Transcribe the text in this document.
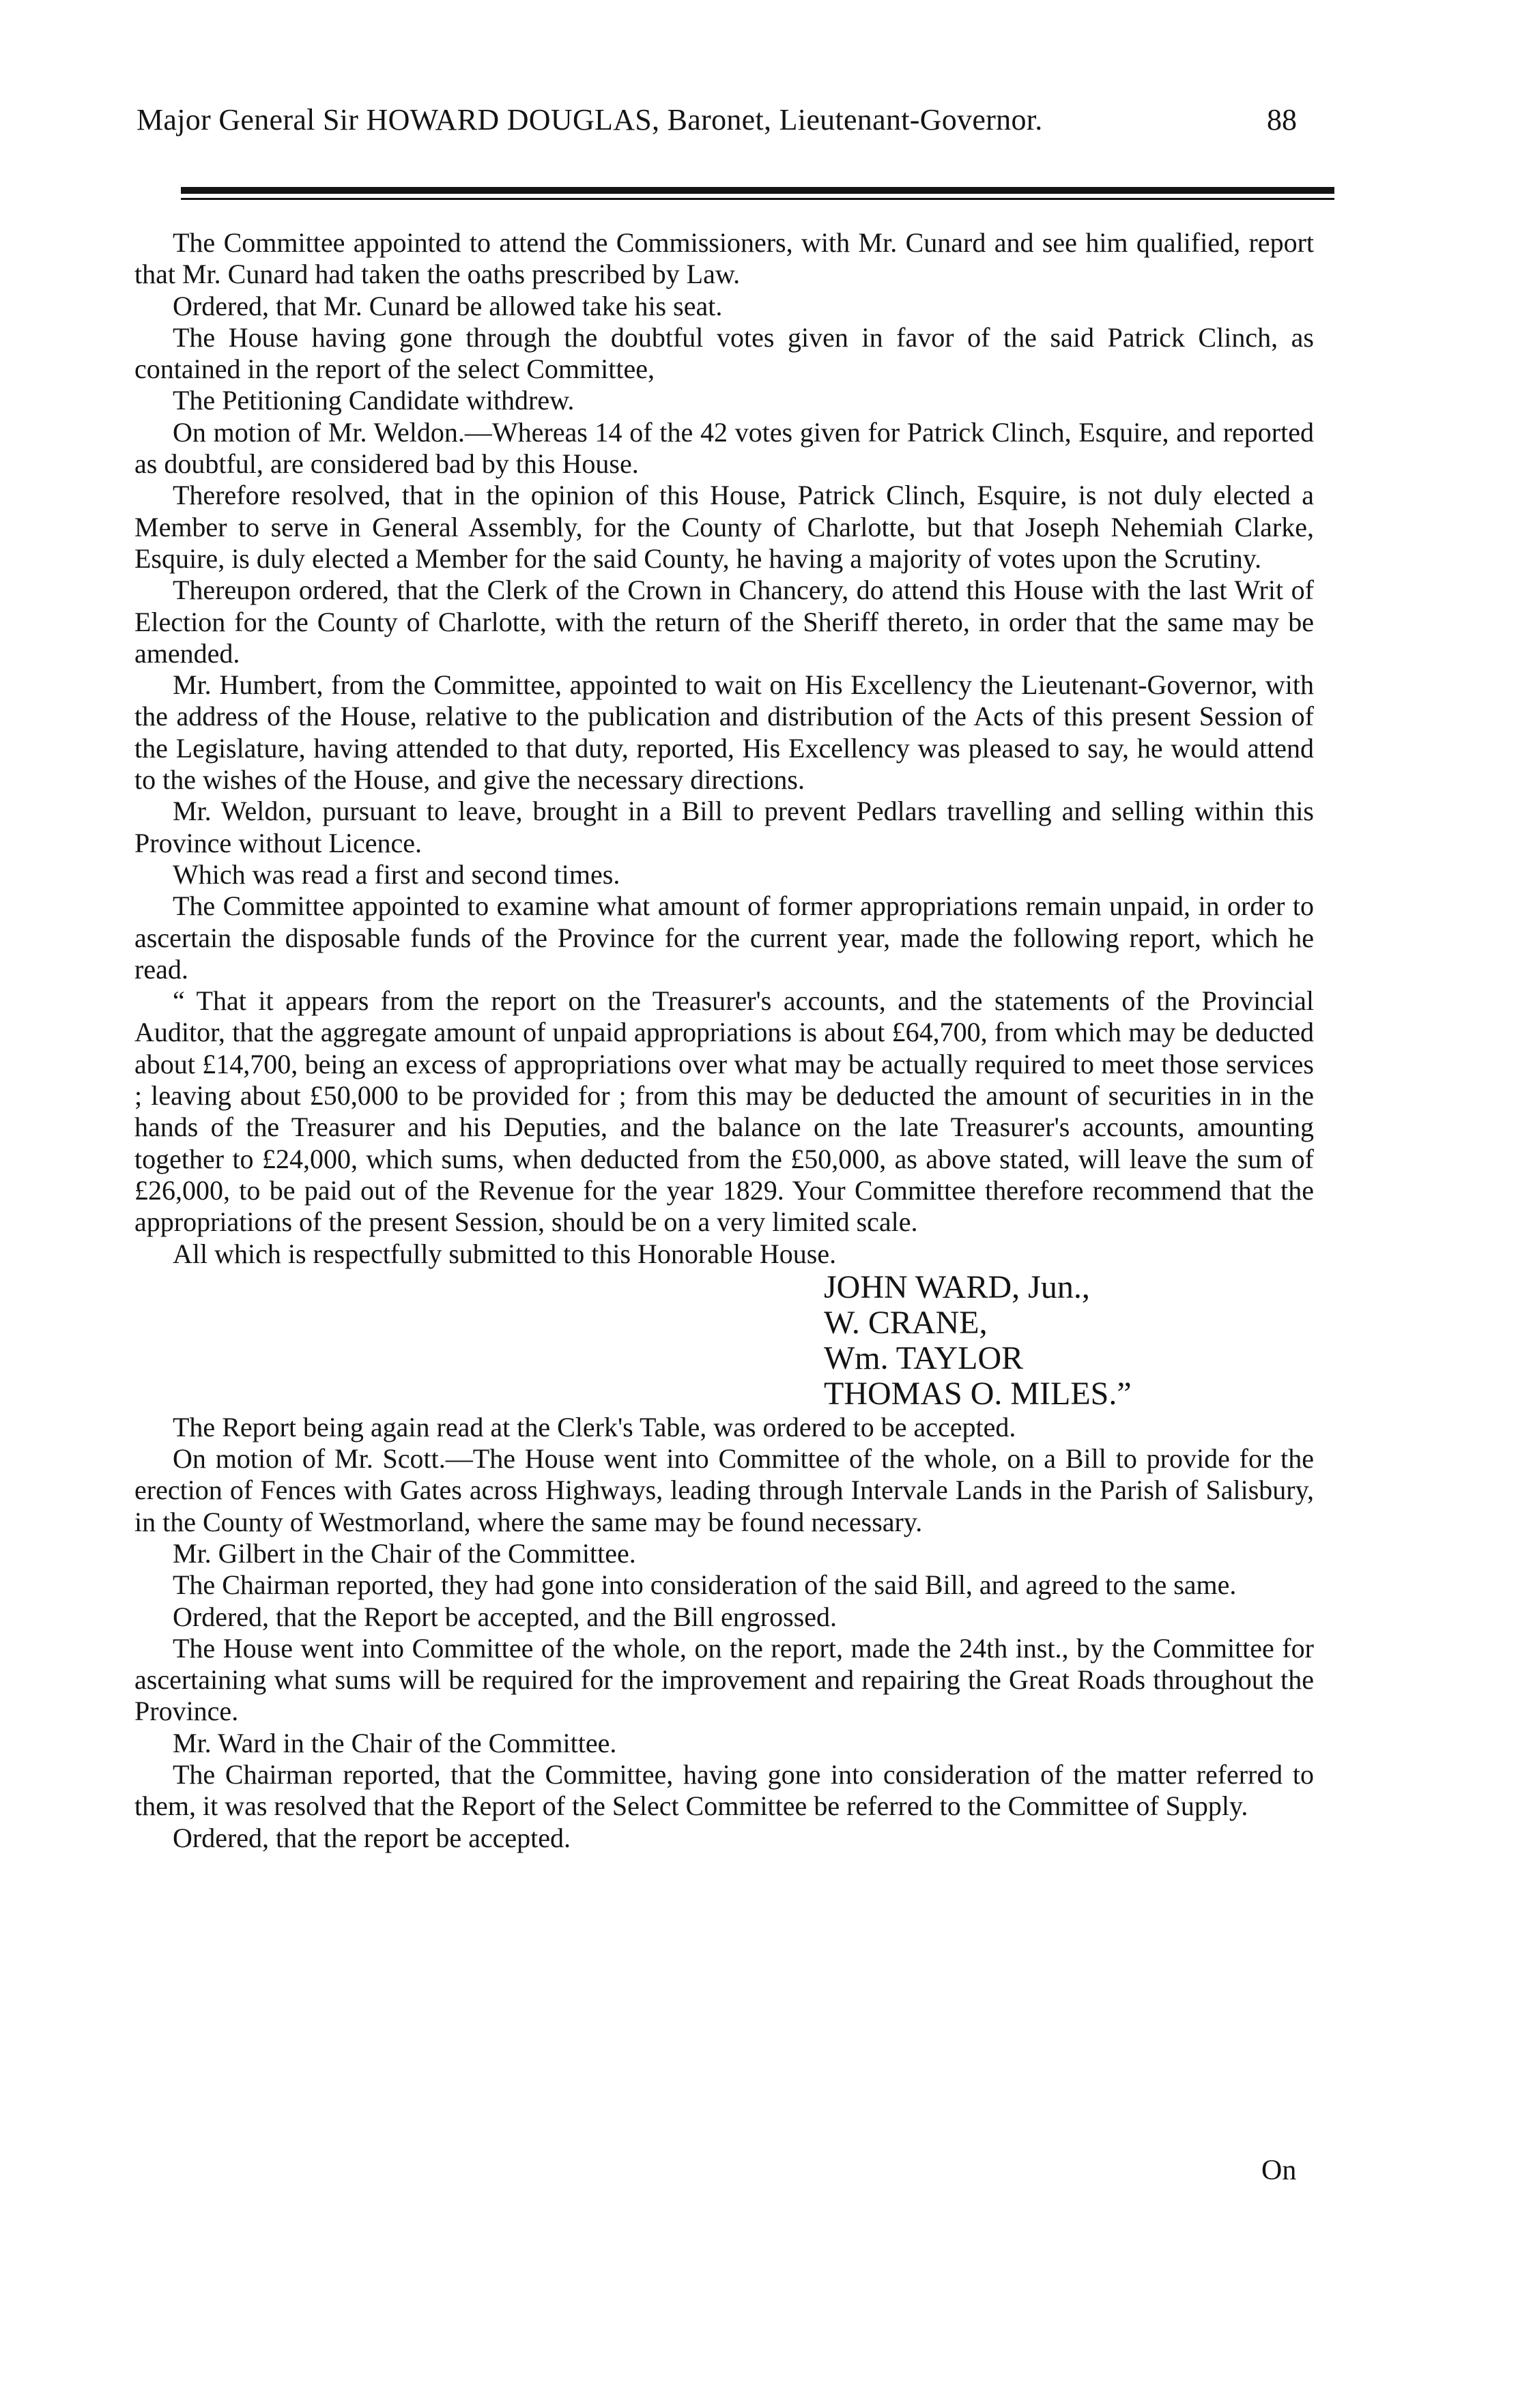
Major General Sir HOWARD DOUGLAS, Baronet, Lieutenant-Governor.	88

The Committee appointed to attend the Commissioners, with Mr. Cunard and see him qualified, report that Mr. Cunard had taken the oaths prescribed by Law.

Ordered, that Mr. Cunard be allowed take his seat.

The House having gone through the doubtful votes given in favor of the said Patrick Clinch, as contained in the report of the select Committee,

The Petitioning Candidate withdrew.

On motion of Mr. Weldon.—Whereas 14 of the 42 votes given for Patrick Clinch, Esquire, and reported as doubtful, are considered bad by this House.

Therefore resolved, that in the opinion of this House, Patrick Clinch, Esquire, is not duly elected a Member to serve in General Assembly, for the County of Charlotte, but that Joseph Nehemiah Clarke, Esquire, is duly elected a Member for the said County, he having a majority of votes upon the Scrutiny.

Thereupon ordered, that the Clerk of the Crown in Chancery, do attend this House with the last Writ of Election for the County of Charlotte, with the return of the Sheriff thereto, in order that the same may be amended.

Mr. Humbert, from the Committee, appointed to wait on His Excellency the Lieutenant-Governor, with the address of the House, relative to the publication and distribution of the Acts of this present Session of the Legislature, having attended to that duty, reported, His Excellency was pleased to say, he would attend to the wishes of the House, and give the necessary directions.

Mr. Weldon, pursuant to leave, brought in a Bill to prevent Pedlars travelling and selling within this Province without Licence.

Which was read a first and second times.

The Committee appointed to examine what amount of former appropriations remain unpaid, in order to ascertain the disposable funds of the Province for the current year, made the following report, which he read.

“ That it appears from the report on the Treasurer's accounts, and the statements of the Provincial Auditor, that the aggregate amount of unpaid appropriations is about £64,700, from which may be deducted about £14,700, being an excess of appropriations over what may be actually required to meet those services ; leaving about £50,000 to be provided for ; from this may be deducted the amount of securities in in the hands of the Treasurer and his Deputies, and the balance on the late Treasurer's accounts, amounting together to £24,000, which sums, when deducted from the £50,000, as above stated, will leave the sum of £26,000, to be paid out of the Revenue for the year 1829. Your Committee therefore recommend that the appropriations of the present Session, should be on a very limited scale.

All which is respectfully submitted to this Honorable House.

JOHN WARD, Jun.,
W. CRANE,
Wm. TAYLOR
THOMAS O. MILES.”

The Report being again read at the Clerk's Table, was ordered to be accepted.

On motion of Mr. Scott.—The House went into Committee of the whole, on a Bill to provide for the erection of Fences with Gates across Highways, leading through Intervale Lands in the Parish of Salisbury, in the County of Westmorland, where the same may be found necessary.

Mr. Gilbert in the Chair of the Committee.

The Chairman reported, they had gone into consideration of the said Bill, and agreed to the same.

Ordered, that the Report be accepted, and the Bill engrossed.

The House went into Committee of the whole, on the report, made the 24th inst., by the Committee for ascertaining what sums will be required for the improvement and repairing the Great Roads throughout the Province.

Mr. Ward in the Chair of the Committee.

The Chairman reported, that the Committee, having gone into consideration of the matter referred to them, it was resolved that the Report of the Select Committee be referred to the Committee of Supply.

Ordered, that the report be accepted.

On
